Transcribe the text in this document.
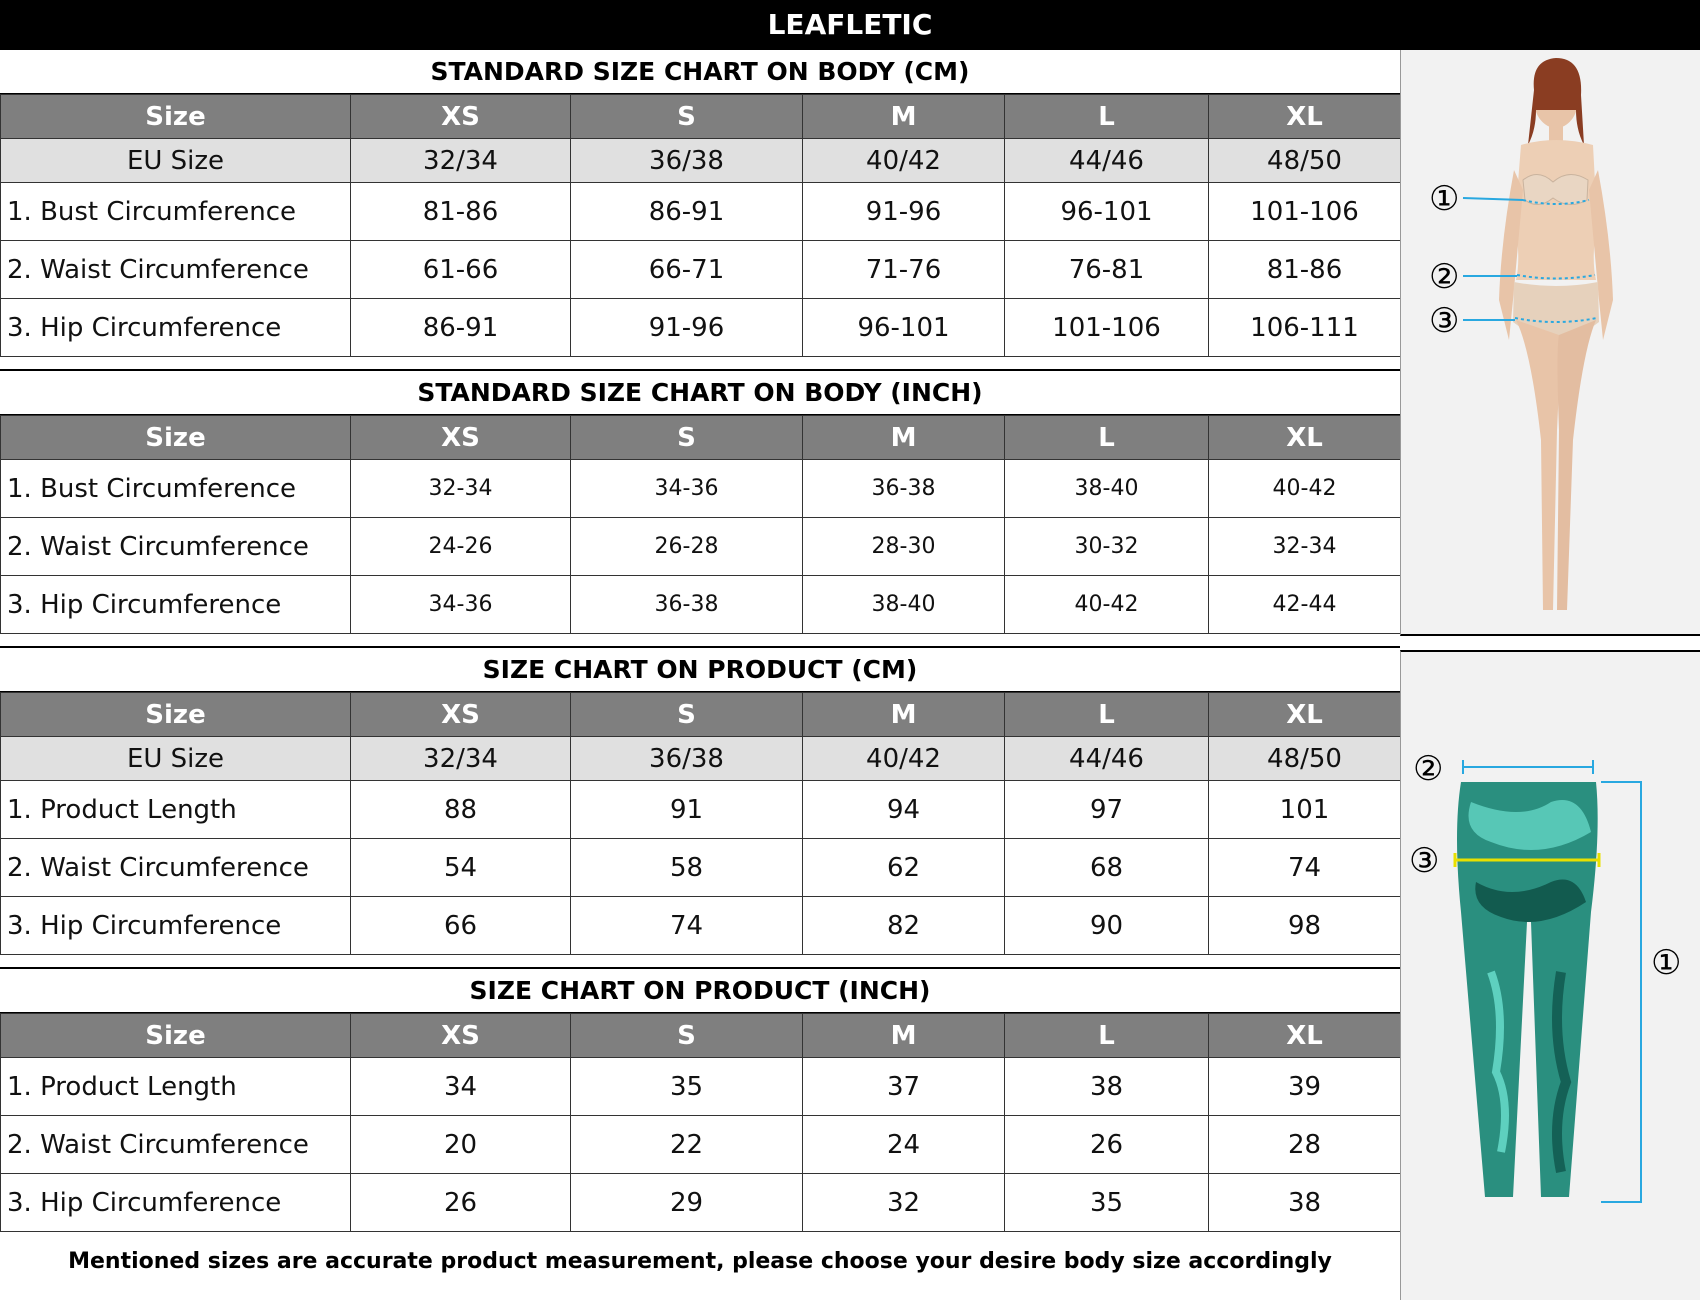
LEAFLETIC
STANDARD SIZE CHART ON BODY (CM)
Size	XS	S	M	L	XL
EU Size	32/34	36/38	40/42	44/46	48/50
1. Bust Circumference	81-86	86-91	91-96	96-101	101-106
2. Waist Circumference	61-66	66-71	71-76	76-81	81-86
3. Hip Circumference	86-91	91-96	96-101	101-106	106-111
STANDARD SIZE CHART ON BODY (INCH)
Size	XS	S	M	L	XL
1. Bust Circumference	32-34	34-36	36-38	38-40	40-42
2. Waist Circumference	24-26	26-28	28-30	30-32	32-34
3. Hip Circumference	34-36	36-38	38-40	40-42	42-44
SIZE CHART ON PRODUCT (CM)
Size	XS	S	M	L	XL
EU Size	32/34	36/38	40/42	44/46	48/50
1. Product Length	88	91	94	97	101
2. Waist Circumference	54	58	62	68	74
3. Hip Circumference	66	74	82	90	98
SIZE CHART ON PRODUCT (INCH)
Size	XS	S	M	L	XL
1. Product Length	34	35	37	38	39
2. Waist Circumference	20	22	24	26	28
3. Hip Circumference	26	29	32	35	38
Mentioned sizes are accurate product measurement, please choose your desire body size accordingly
①
②
③
②
③
①
